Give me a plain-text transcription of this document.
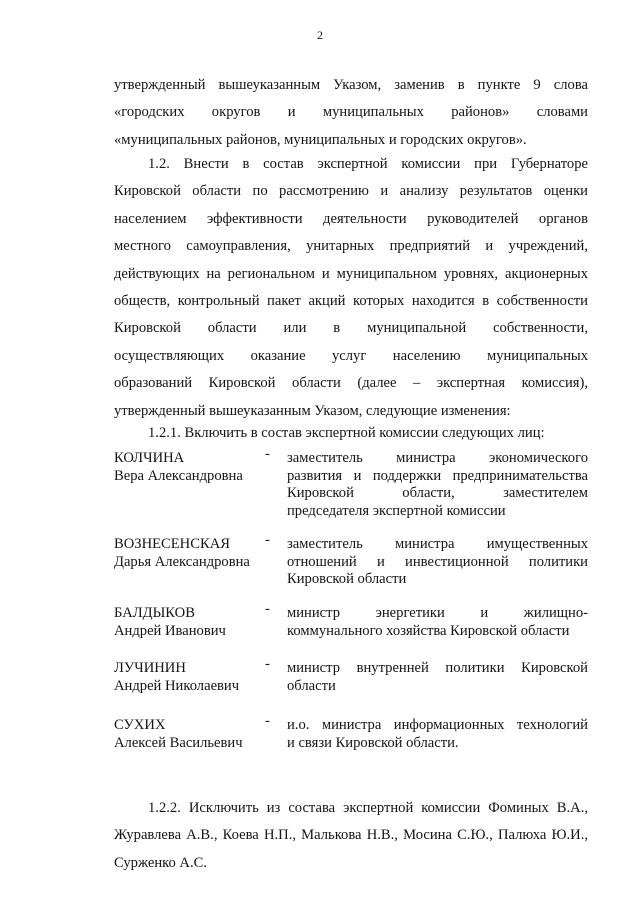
2
утвержденный вышеуказанным Указом, заменив в пункте 9 слова
«городских округов и муниципальных районов» словами
«муниципальных районов, муниципальных и городских округов».
1.2. Внести в состав экспертной комиссии при Губернаторе
Кировской области по рассмотрению и анализу результатов оценки
населением эффективности деятельности руководителей органов
местного самоуправления, унитарных предприятий и учреждений,
действующих на региональном и муниципальном уровнях, акционерных
обществ, контрольный пакет акций которых находится в собственности
Кировской области или в муниципальной собственности,
осуществляющих оказание услуг населению муниципальных
образований Кировской области (далее – экспертная комиссия),
утвержденный вышеуказанным Указом, следующие изменения:
1.2.1. Включить в состав экспертной комиссии следующих лиц:
КОЛЧИНА
Вера Александровна
- заместитель министра экономического
развития и поддержки предпринимательства
Кировской области, заместителем
председателя экспертной комиссии
ВОЗНЕСЕНСКАЯ
Дарья Александровна
- заместитель министра имущественных
отношений и инвестиционной политики
Кировской области
БАЛДЫКОВ
Андрей Иванович
- министр энергетики и жилищно-
коммунального хозяйства Кировской области
ЛУЧИНИН
Андрей Николаевич
- министр внутренней политики Кировской
области
СУХИХ
Алексей Васильевич
- и.о. министра информационных технологий
и связи Кировской области.
1.2.2. Исключить из состава экспертной комиссии Фоминых В.А.,
Журавлева А.В., Коева Н.П., Малькова Н.В., Мосина С.Ю., Палюха Ю.И.,
Сурженко А.С.
